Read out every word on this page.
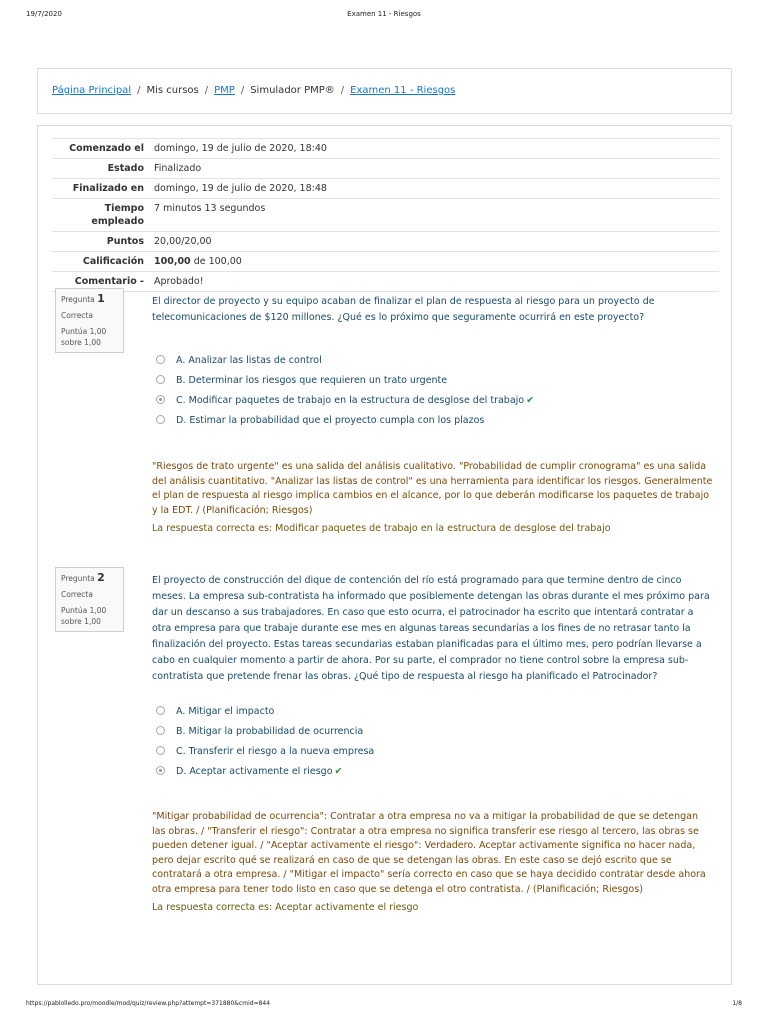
19/7/2020	Examen 11 - Riesgos
Página Principal / Mis cursos / PMP / Simulador PMP® / Examen 11 - Riesgos
Comenzado el	domingo, 19 de julio de 2020, 18:40
Estado	Finalizado
Finalizado en	domingo, 19 de julio de 2020, 18:48
Tiempo empleado	7 minutos 13 segundos
Puntos	20,00/20,00
Calificación	100,00 de 100,00
Comentario -	Aprobado!
Pregunta 1
Correcta
Puntúa 1,00 sobre 1,00
El director de proyecto y su equipo acaban de finalizar el plan de respuesta al riesgo para un proyecto de telecomunicaciones de $120 millones. ¿Qué es lo próximo que seguramente ocurrirá en este proyecto?
A. Analizar las listas de control
B. Determinar los riesgos que requieren un trato urgente
C. Modificar paquetes de trabajo en la estructura de desglose del trabajo ✔
D. Estimar la probabilidad que el proyecto cumpla con los plazos
"Riesgos de trato urgente" es una salida del análisis cualitativo. "Probabilidad de cumplir cronograma" es una salida del análisis cuantitativo. "Analizar las listas de control" es una herramienta para identificar los riesgos. Generalmente el plan de respuesta al riesgo implica cambios en el alcance, por lo que deberán modificarse los paquetes de trabajo y la EDT. / (Planificación; Riesgos)
La respuesta correcta es: Modificar paquetes de trabajo en la estructura de desglose del trabajo
Pregunta 2
Correcta
Puntúa 1,00 sobre 1,00
El proyecto de construcción del dique de contención del río está programado para que termine dentro de cinco meses. La empresa sub-contratista ha informado que posiblemente detengan las obras durante el mes próximo para dar un descanso a sus trabajadores. En caso que esto ocurra, el patrocinador ha escrito que intentará contratar a otra empresa para que trabaje durante ese mes en algunas tareas secundarias a los fines de no retrasar tanto la finalización del proyecto. Estas tareas secundarias estaban planificadas para el último mes, pero podrían llevarse a cabo en cualquier momento a partir de ahora. Por su parte, el comprador no tiene control sobre la empresa sub-contratista que pretende frenar las obras. ¿Qué tipo de respuesta al riesgo ha planificado el Patrocinador?
A. Mitigar el impacto
B. Mitigar la probabilidad de ocurrencia
C. Transferir el riesgo a la nueva empresa
D. Aceptar activamente el riesgo ✔
"Mitigar probabilidad de ocurrencia": Contratar a otra empresa no va a mitigar la probabilidad de que se detengan las obras. / "Transferir el riesgo": Contratar a otra empresa no significa transferir ese riesgo al tercero, las obras se pueden detener igual. / "Aceptar activamente el riesgo": Verdadero. Aceptar activamente significa no hacer nada, pero dejar escrito qué se realizará en caso de que se detengan las obras. En este caso se dejó escrito que se contratará a otra empresa. / "Mitigar el impacto" sería correcto en caso que se haya decidido contratar desde ahora otra empresa para tener todo listo en caso que se detenga el otro contratista. / (Planificación; Riesgos)
La respuesta correcta es: Aceptar activamente el riesgo
https://pablolledo.pro/moodle/mod/quiz/review.php?attempt=371880&cmid=844	1/8
